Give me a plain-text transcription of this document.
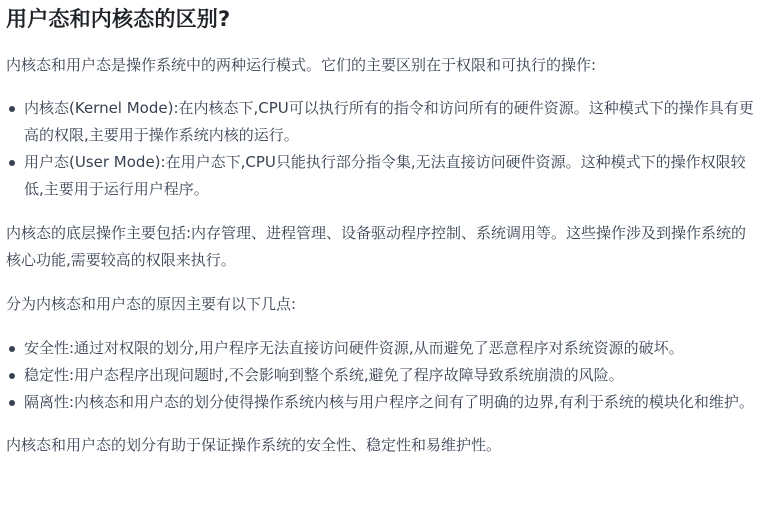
用户态和内核态的区别?

内核态和用户态是操作系统中的两种运行模式。它们的主要区别在于权限和可执行的操作:

内核态(Kernel Mode):在内核态下,CPU可以执行所有的指令和访问所有的硬件资源。这种模式下的操作具有更高的权限,主要用于操作系统内核的运行。
用户态(User Mode):在用户态下,CPU只能执行部分指令集,无法直接访问硬件资源。这种模式下的操作权限较低,主要用于运行用户程序。

内核态的底层操作主要包括:内存管理、进程管理、设备驱动程序控制、系统调用等。这些操作涉及到操作系统的核心功能,需要较高的权限来执行。

分为内核态和用户态的原因主要有以下几点:

安全性:通过对权限的划分,用户程序无法直接访问硬件资源,从而避免了恶意程序对系统资源的破坏。
稳定性:用户态程序出现问题时,不会影响到整个系统,避免了程序故障导致系统崩溃的风险。
隔离性:内核态和用户态的划分使得操作系统内核与用户程序之间有了明确的边界,有利于系统的模块化和维护。

内核态和用户态的划分有助于保证操作系统的安全性、稳定性和易维护性。
